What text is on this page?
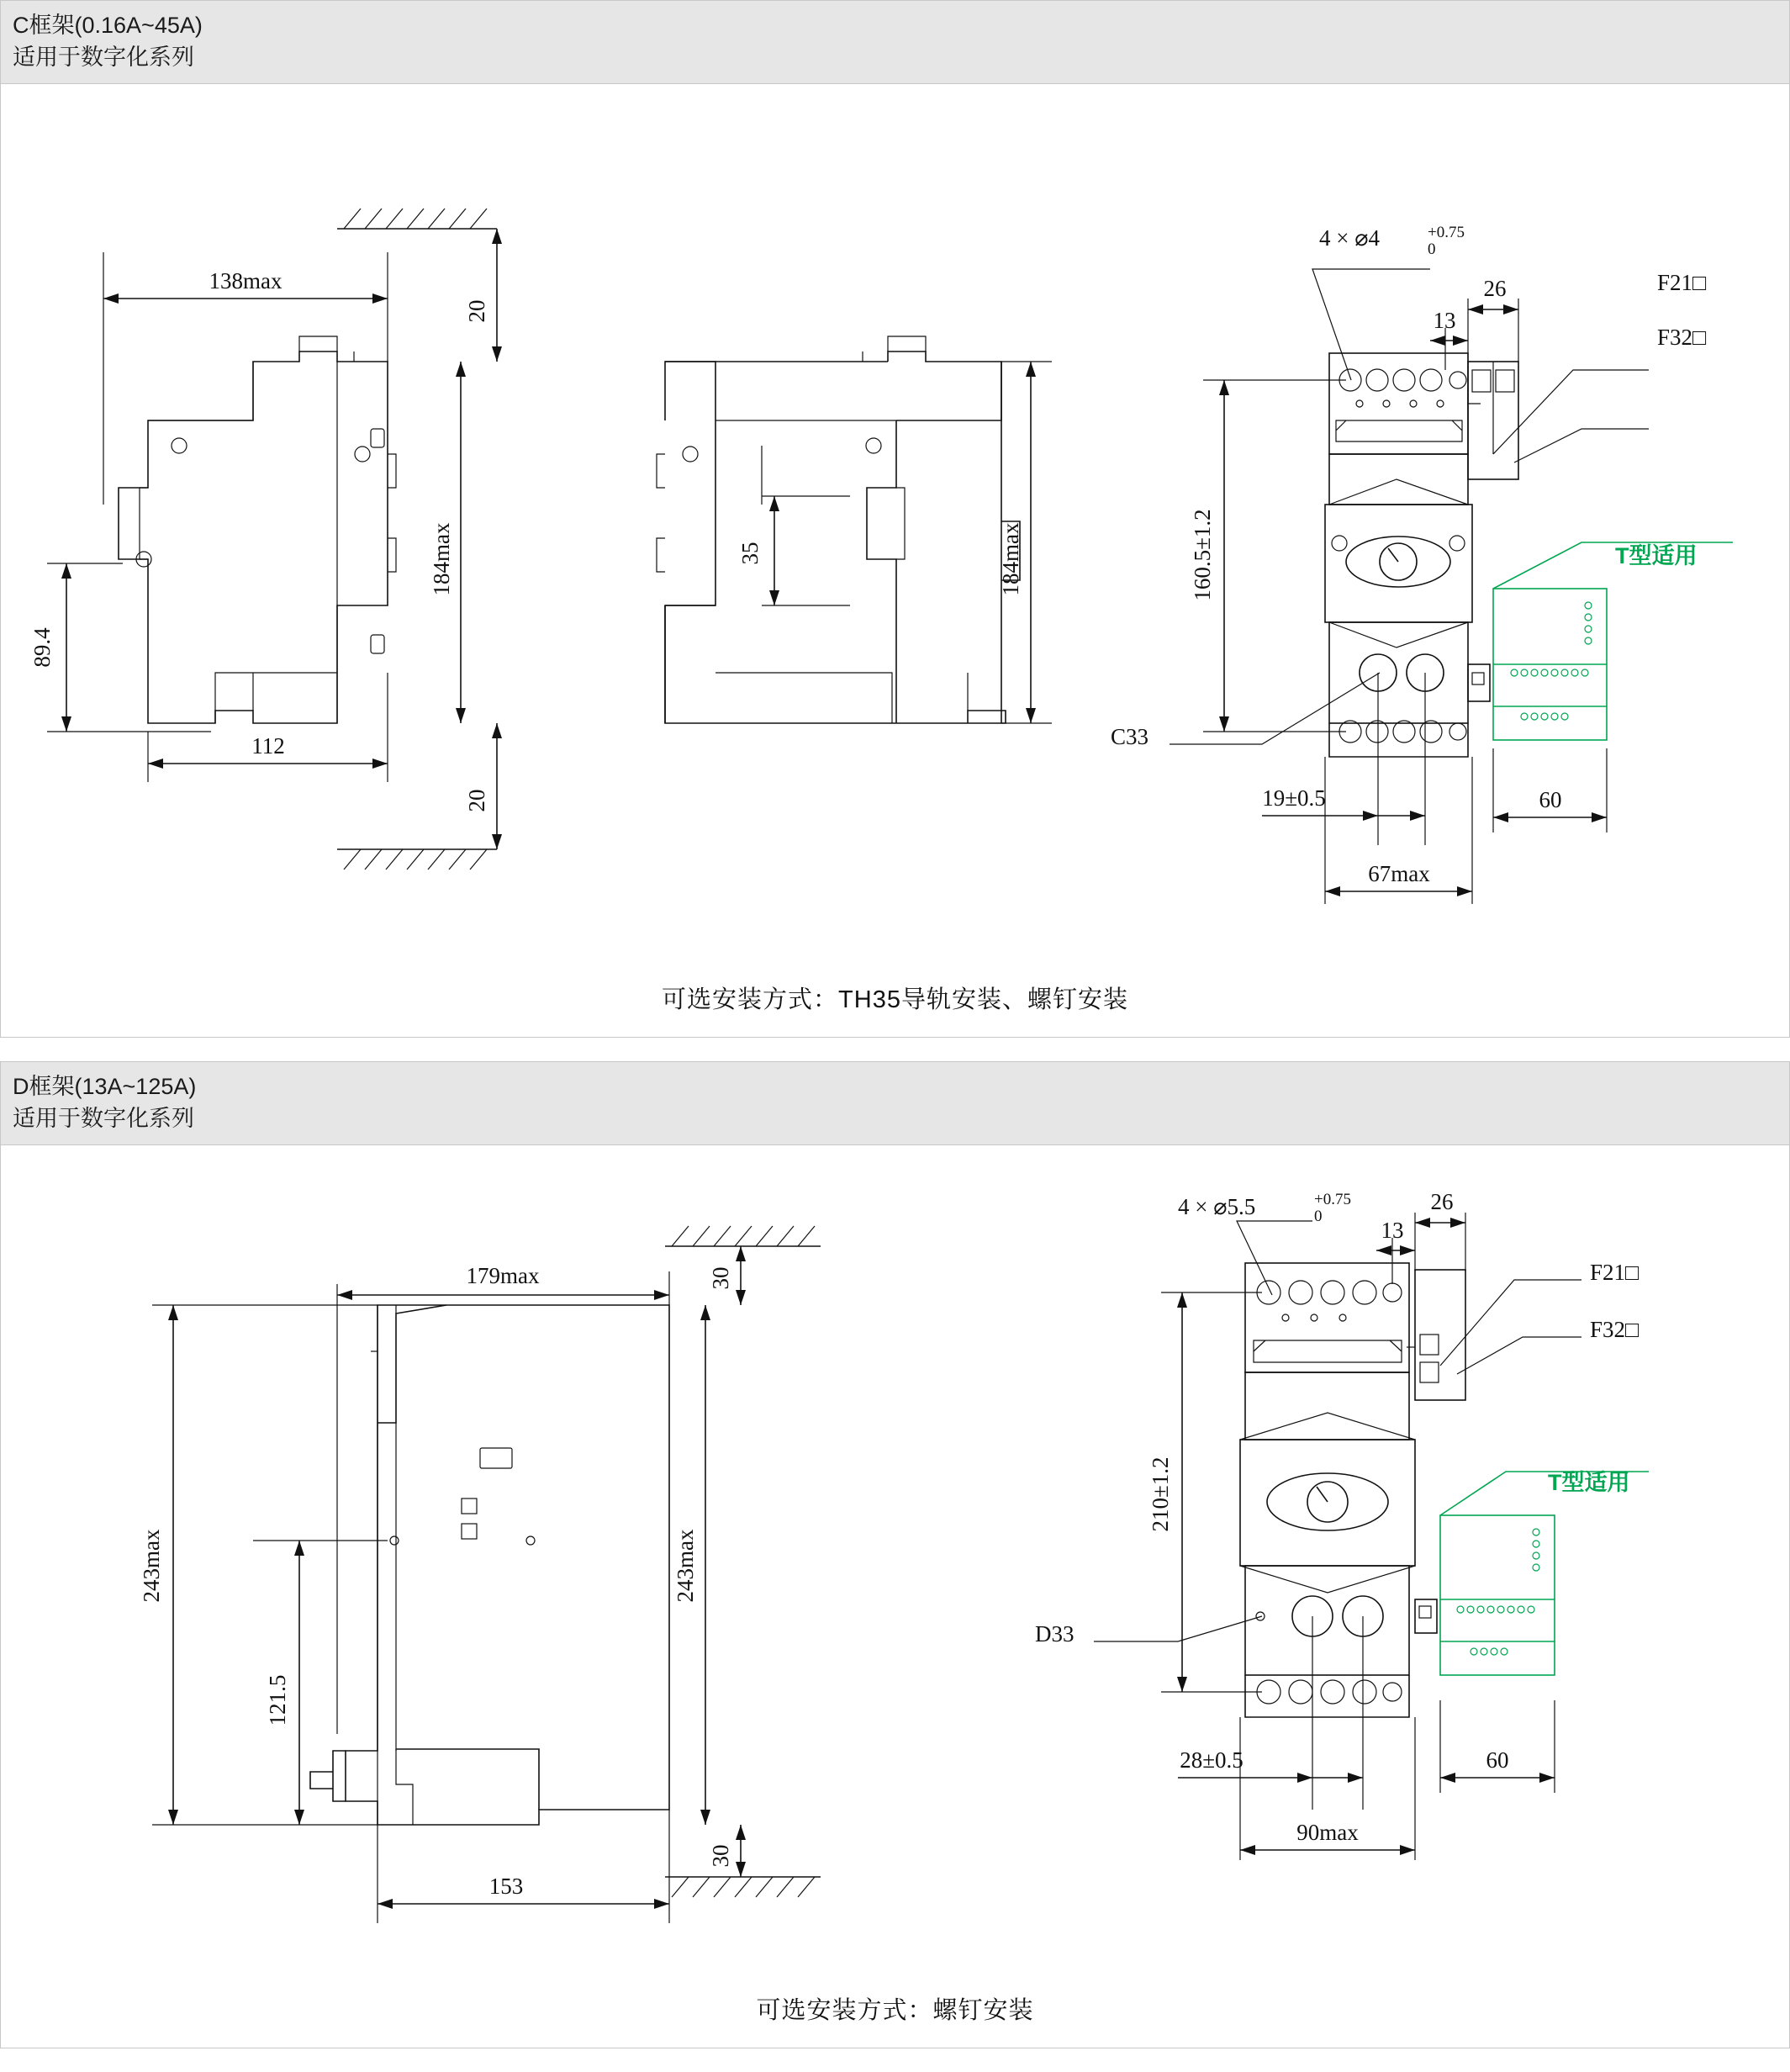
C框架(0.16A~45A)
适用于数字化系列
138max
20
20
184max
89.4
112
35	184max
4 × ⌀4	+0.75
0
26
13
F21□
F32□
160.5±1.2
C33
19±0.5
67max
60
T型适用
可选安装方式：TH35导轨安装、螺钉安装
D框架(13A~125A)
适用于数字化系列
179max	30
30
243max
243max
121.5
153
4 × ⌀5.5	+0.75
0
26
13
F21□
F32□
210±1.2
D33
28±0.5
90max
60
T型适用
可选安装方式：螺钉安装
